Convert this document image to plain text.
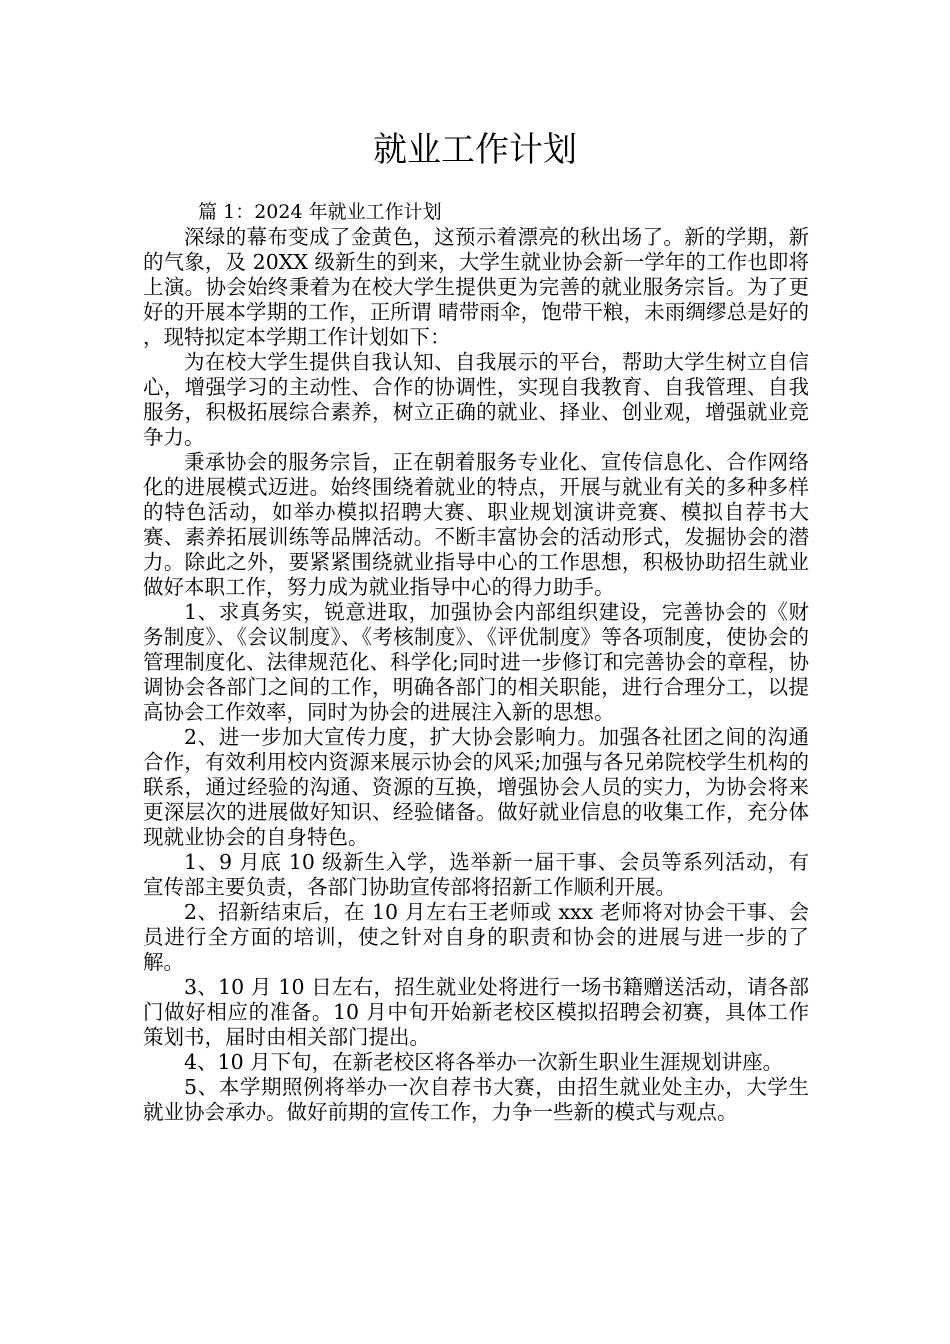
就业工作计划

篇 1：2024 年就业工作计划

深绿的幕布变成了金黄色，这预示着漂亮的秋出场了。新的学期，新的气象，及 20XX 级新生的到来，大学生就业协会新一学年的工作也即将上演。协会始终秉着为在校大学生提供更为完善的就业服务宗旨。为了更好的开展本学期的工作，正所谓 晴带雨伞，饱带干粮，未雨绸缪总是好的 ，现特拟定本学期工作计划如下：

为在校大学生提供自我认知、自我展示的平台，帮助大学生树立自信心，增强学习的主动性、合作的协调性，实现自我教育、自我管理、自我服务，积极拓展综合素养，树立正确的就业、择业、创业观，增强就业竞争力。

秉承协会的服务宗旨，正在朝着服务专业化、宣传信息化、合作网络化的进展模式迈进。始终围绕着就业的特点，开展与就业有关的多种多样的特色活动，如举办模拟招聘大赛、职业规划演讲竞赛、模拟自荐书大赛、素养拓展训练等品牌活动。不断丰富协会的活动形式，发掘协会的潜力。除此之外，要紧紧围绕就业指导中心的工作思想，积极协助招生就业做好本职工作，努力成为就业指导中心的得力助手。

1、求真务实，锐意进取，加强协会内部组织建设，完善协会的《财务制度》、《会议制度》、《考核制度》、《评优制度》等各项制度，使协会的管理制度化、法律规范化、科学化;同时进一步修订和完善协会的章程，协调协会各部门之间的工作，明确各部门的相关职能，进行合理分工，以提高协会工作效率，同时为协会的进展注入新的思想。

2、进一步加大宣传力度，扩大协会影响力。加强各社团之间的沟通合作，有效利用校内资源来展示协会的风采;加强与各兄弟院校学生机构的联系，通过经验的沟通、资源的互换，增强协会人员的实力，为协会将来更深层次的进展做好知识、经验储备。做好就业信息的收集工作，充分体现就业协会的自身特色。

1、9 月底 10 级新生入学，选举新一届干事、会员等系列活动，有宣传部主要负责，各部门协助宣传部将招新工作顺利开展。

2、招新结束后，在 10 月左右王老师或 xxx 老师将对协会干事、会员进行全方面的培训，使之针对自身的职责和协会的进展与进一步的了解。

3、10 月 10 日左右，招生就业处将进行一场书籍赠送活动，请各部门做好相应的准备。10 月中旬开始新老校区模拟招聘会初赛，具体工作策划书，届时由相关部门提出。

4、10 月下旬，在新老校区将各举办一次新生职业生涯规划讲座。

5、本学期照例将举办一次自荐书大赛，由招生就业处主办，大学生就业协会承办。做好前期的宣传工作，力争一些新的模式与观点。
